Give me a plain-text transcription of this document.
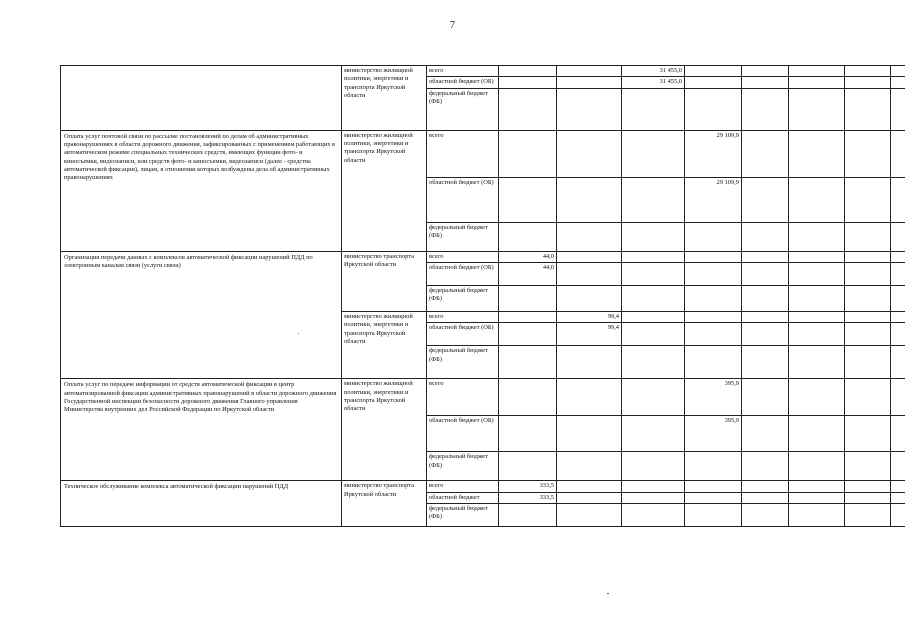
7
	министерство жилищной политики, энергетики и транспорта Иркутской области	всего			31 455,0					
		областной бюджет (ОБ)			31 455,0					
		федеральный бюджет (ФБ)								
Оплата услуг почтовой связи по рассылке постановлений по делам об административных правонарушениях в области дорожного движения, зафиксированных с применением работающих в автоматическом режиме специальных технических средств, имеющих функции фото- и киносъемки, видеозаписи, или средств фото- и киносъемки, видеозаписи (далее - средства автоматической фиксации), лицам, в отношении которых возбуждены дела об административных правонарушениях	министерство жилищной политики, энергетики и транспорта Иркутской области	всего				29 109,9				
		областной бюджет (ОБ)				29 109,9				
		федеральный бюджет (ФБ)								
Организация передачи данных с комплексов автоматической фиксации нарушений ПДД по электронным каналам связи (услуги связи)	министерство транспорта Иркутской области	всего	44,0							
		областной бюджет (ОБ)	44,0							
		федеральный бюджет (ФБ)								
	министерство жилищной политики, энергетики и транспорта Иркутской области	всего		99,4						
		областной бюджет (ОБ)		99,4						
		федеральный бюджет (ФБ)								
Оплата услуг по передаче информации от средств автоматической фиксации в центр автоматизированной фиксации административных правонарушений в области дорожного движения Государственной инспекции безопасности дорожного движения Главного управления Министерства внутренних дел Российской Федерации по Иркутской области	министерство жилищной политики, энергетики и транспорта Иркутской области	всего				395,9				
		областной бюджет (ОБ)				395,9				
		федеральный бюджет (ФБ)								
Техническое обслуживание комплекса автоматической фиксации нарушений ПДД	министерство транспорта Иркутской области	всего	333,5							
		областной бюджет	333,5							
		федеральный бюджет (ФБ)								
